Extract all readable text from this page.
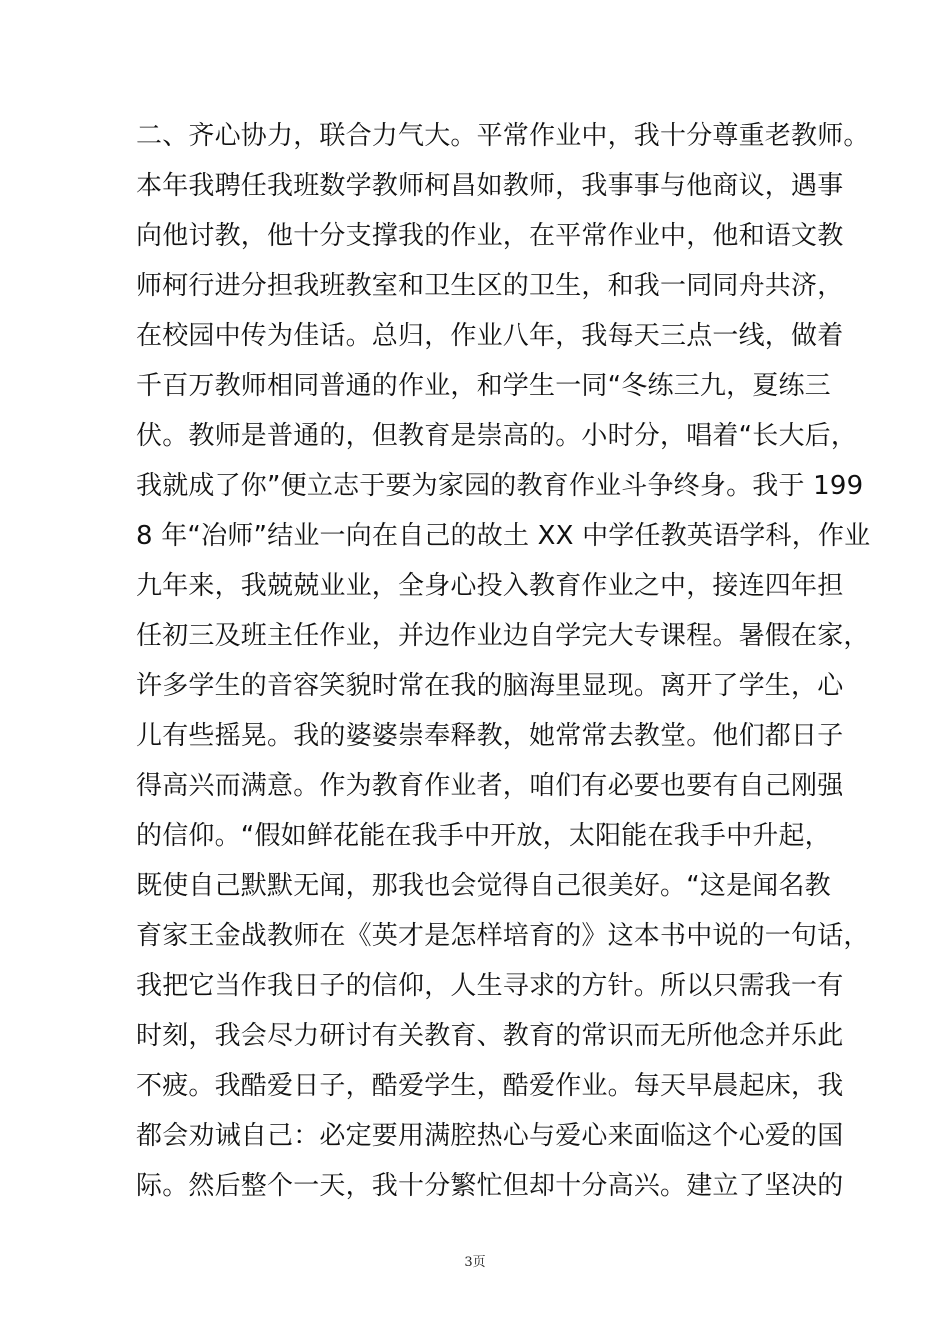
二、齐心协力，联合力气大。平常作业中，我十分尊重老教师。
本年我聘任我班数学教师柯昌如教师，我事事与他商议，遇事
向他讨教，他十分支撑我的作业，在平常作业中，他和语文教
师柯行进分担我班教室和卫生区的卫生，和我一同同舟共济，
在校园中传为佳话。总归，作业八年，我每天三点一线，做着
千百万教师相同普通的作业，和学生一同“冬练三九，夏练三
伏。教师是普通的，但教育是崇高的。小时分，唱着“长大后，
我就成了你”便立志于要为家园的教育作业斗争终身。我于 199
8 年“冶师”结业一向在自己的故土 XX 中学任教英语学科，作业
九年来，我兢兢业业，全身心投入教育作业之中，接连四年担
任初三及班主任作业，并边作业边自学完大专课程。暑假在家，
许多学生的音容笑貌时常在我的脑海里显现。离开了学生，心
儿有些摇晃。我的婆婆崇奉释教，她常常去教堂。他们都日子
得高兴而满意。作为教育作业者，咱们有必要也要有自己刚强
的信仰。“假如鲜花能在我手中开放，太阳能在我手中升起，
既使自己默默无闻，那我也会觉得自己很美好。“这是闻名教
育家王金战教师在《英才是怎样培育的》这本书中说的一句话，
我把它当作我日子的信仰，人生寻求的方针。所以只需我一有
时刻，我会尽力研讨有关教育、教育的常识而无所他念并乐此
不疲。我酷爱日子，酷爱学生，酷爱作业。每天早晨起床，我
都会劝诫自己：必定要用满腔热心与爱心来面临这个心爱的国
际。然后整个一天，我十分繁忙但却十分高兴。建立了坚决的
3页
